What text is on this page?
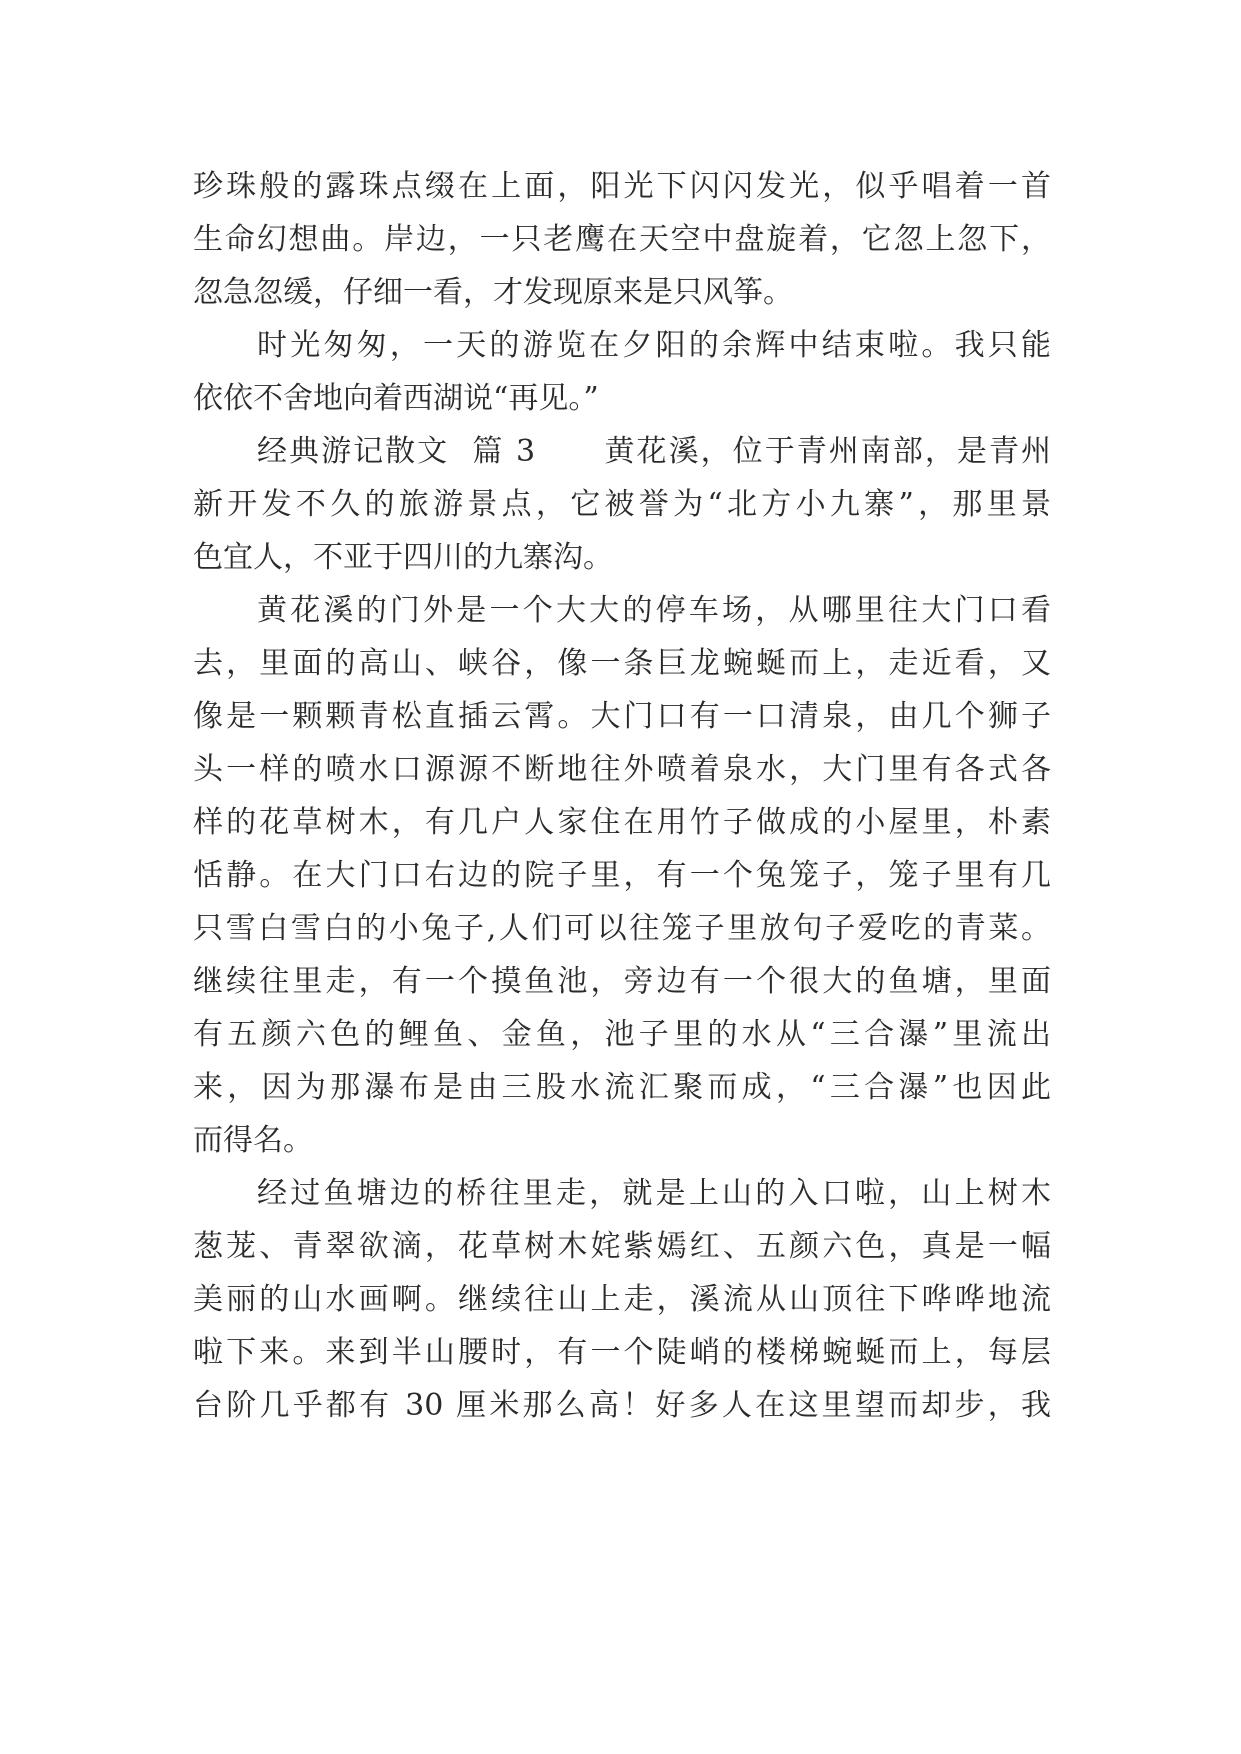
珍珠般的露珠点缀在上面，阳光下闪闪发光，似乎唱着一首
生命幻想曲。岸边，一只老鹰在天空中盘旋着，它忽上忽下，
忽急忽缓，仔细一看，才发现原来是只风筝。
时光匆匆，一天的游览在夕阳的余辉中结束啦。我只能
依依不舍地向着西湖说“再见。”
经典游记散文  篇 3      黄花溪，位于青州南部，是青州
新开发不久的旅游景点，它被誉为“北方小九寨”，那里景
色宜人，不亚于四川的九寨沟。
黄花溪的门外是一个大大的停车场，从哪里往大门口看
去，里面的高山、峡谷，像一条巨龙蜿蜒而上，走近看，又
像是一颗颗青松直插云霄。大门口有一口清泉，由几个狮子
头一样的喷水口源源不断地往外喷着泉水，大门里有各式各
样的花草树木，有几户人家住在用竹子做成的小屋里，朴素
恬静。在大门口右边的院子里，有一个兔笼子，笼子里有几
只雪白雪白的小兔子,人们可以往笼子里放句子爱吃的青菜。
继续往里走，有一个摸鱼池，旁边有一个很大的鱼塘，里面
有五颜六色的鲤鱼、金鱼，池子里的水从“三合瀑”里流出
来，因为那瀑布是由三股水流汇聚而成，“三合瀑”也因此
而得名。
经过鱼塘边的桥往里走，就是上山的入口啦，山上树木
葱茏、青翠欲滴，花草树木姹紫嫣红、五颜六色，真是一幅
美丽的山水画啊。继续往山上走，溪流从山顶往下哗哗地流
啦下来。来到半山腰时，有一个陡峭的楼梯蜿蜒而上，每层
台阶几乎都有 30 厘米那么高！好多人在这里望而却步，我
